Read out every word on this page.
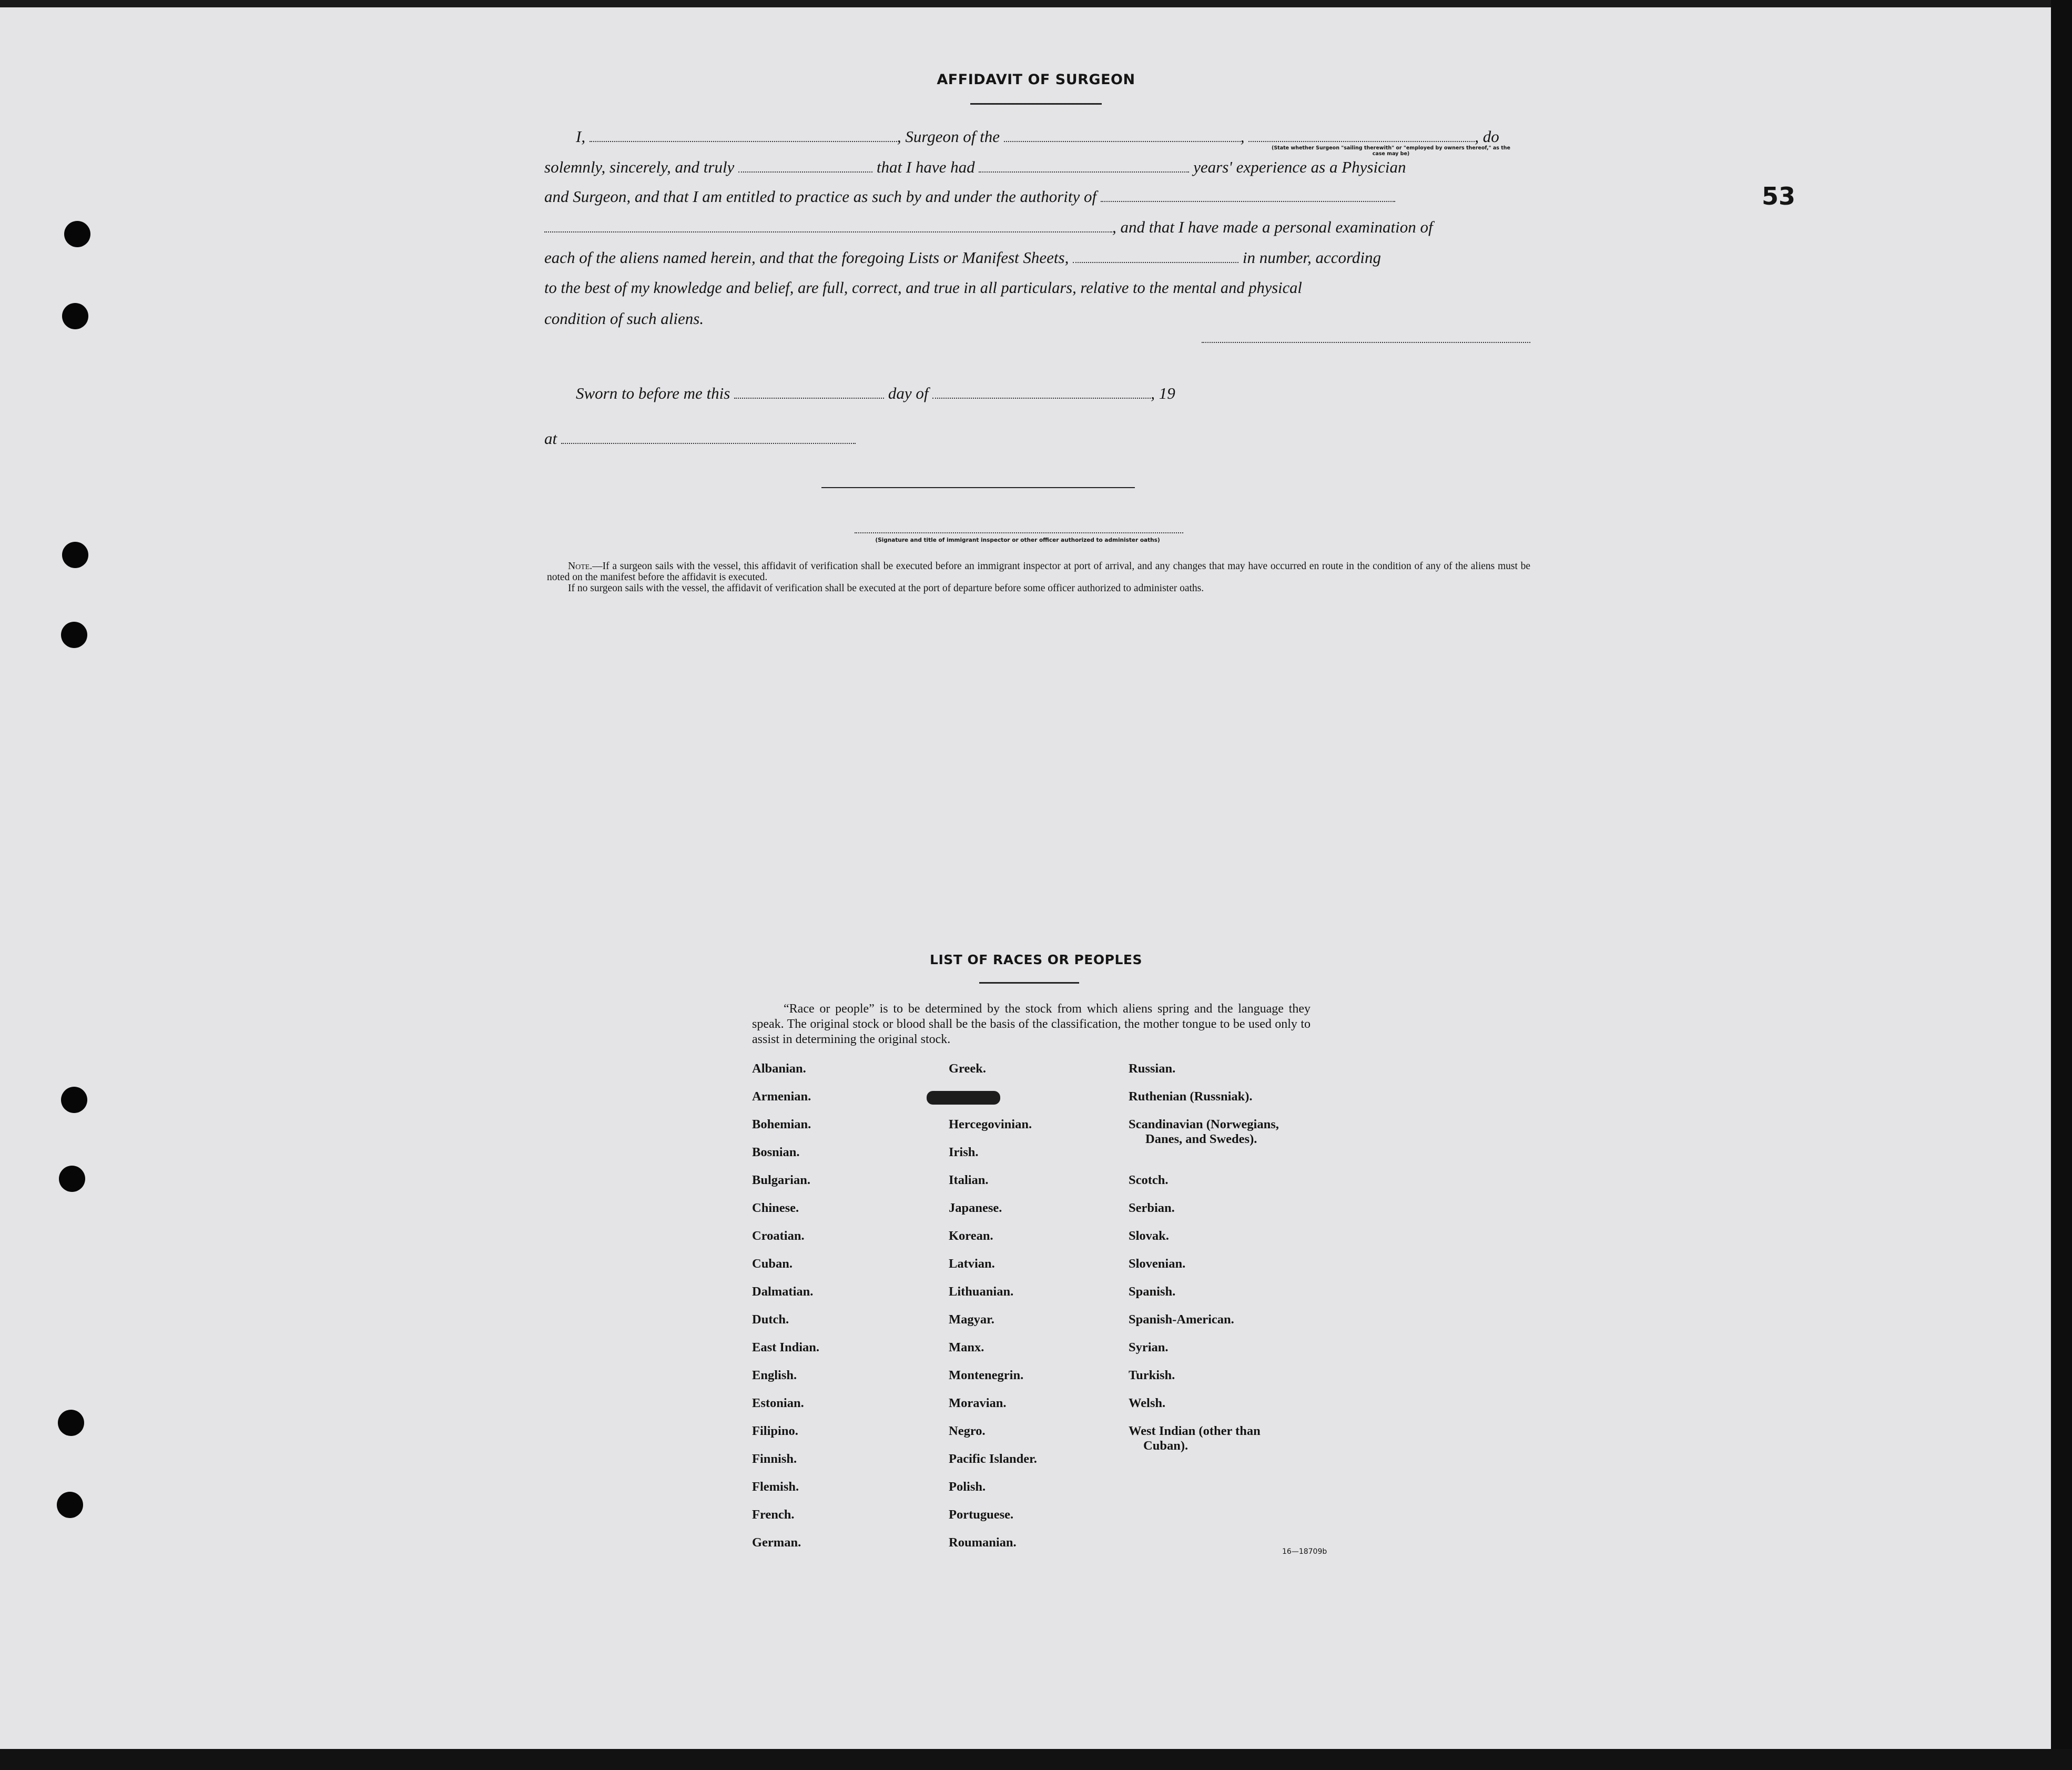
53
AFFIDAVIT OF SURGEON
I,	, Surgeon of the	,	, do
(State whether Surgeon "sailing therewith" or "employed by owners thereof," as the case may be)
solemnly, sincerely, and truly	that I have had	years' experience as a Physician
and Surgeon, and that I am entitled to practice as such by and under the authority of
, and that I have made a personal examination of
each of the aliens named herein, and that the foregoing Lists or Manifest Sheets,	in number, according
to the best of my knowledge and belief, are full, correct, and true in all particulars, relative to the mental and physical
condition of such aliens.
Sworn to before me this	day of	, 19
at
(Signature and title of immigrant inspector or other officer authorized to administer oaths)

Note.—If a surgeon sails with the vessel, this affidavit of verification shall be executed before an immigrant inspector at port of arrival, and any changes that may have occurred en route in the condition of any of the aliens must be noted on the manifest before the affidavit is executed.

If no surgeon sails with the vessel, the affidavit of verification shall be executed at the port of departure before some officer authorized to administer oaths.

LIST OF RACES OR PEOPLES
“Race or people” is to be determined by the stock from which aliens spring and the language they speak. The original stock or blood shall be the basis of the classification, the mother tongue to be used only to assist in determining the original stock.
Albanian.
Armenian.
Bohemian.
Bosnian.
Bulgarian.
Chinese.
Croatian.
Cuban.
Dalmatian.
Dutch.
East Indian.
English.
Estonian.
Filipino.
Finnish.
Flemish.
French.
German.
Greek.
Hercegovinian.
Irish.
Italian.
Japanese.
Korean.
Latvian.
Lithuanian.
Magyar.
Manx.
Montenegrin.
Moravian.
Negro.
Pacific Islander.
Polish.
Portuguese.
Roumanian.
Russian.
Ruthenian (Russniak).
Scandinavian (Norwegians,
Danes, and Swedes).
Scotch.
Serbian.
Slovak.
Slovenian.
Spanish.
Spanish-American.
Syrian.
Turkish.
Welsh.
West Indian (other than
Cuban).
16—18709b
